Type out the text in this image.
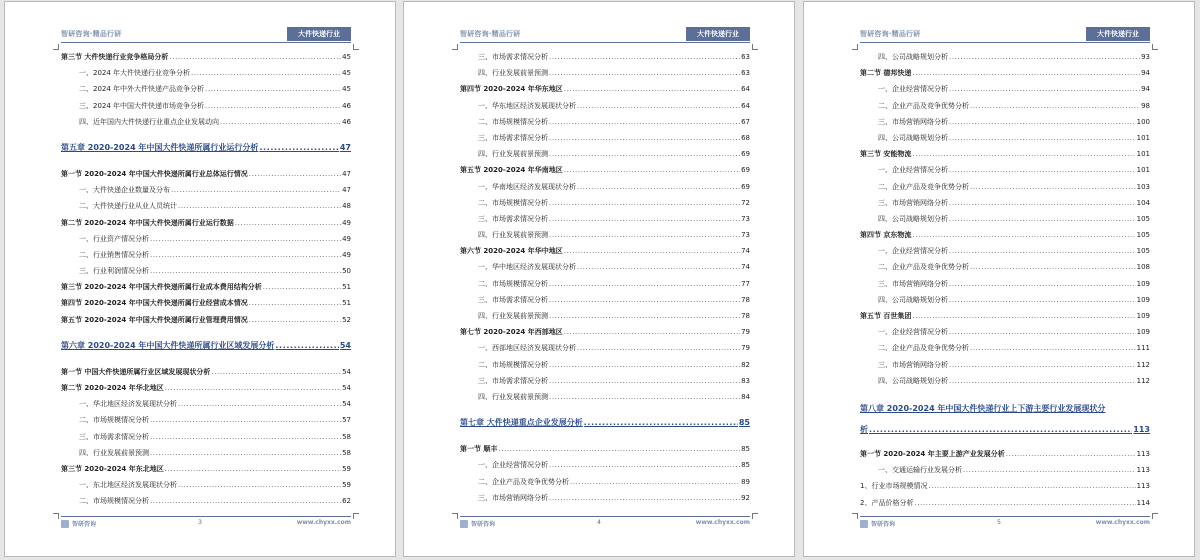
智研咨询·精品行研	大件快递行业
第三节 大件快递行业竞争格局分析 .....	45
一、2024 年大件快递行业竞争分析 .....	45
二、2024 年中外大件快递产品竞争分析 .....	45
三、2024 年中国大件快递市场竞争分析 .....	46
四、近年国内大件快递行业重点企业发展动向 .....	46
第五章 2020-2024 年中国大件快递所属行业运行分析 .....	47
第一节 2020-2024 年中国大件快递所属行业总体运行情况 .....	47
一、大件快递企业数量及分布 .....	47
二、大件快递行业从业人员统计 .....	48
第二节 2020-2024 年中国大件快递所属行业运行数据 .....	49
一、行业资产情况分析 .....	49
二、行业销售情况分析 .....	49
三、行业利润情况分析 .....	50
第三节 2020-2024 年中国大件快递所属行业成本费用结构分析 .....	51
第四节 2020-2024 年中国大件快递所属行业经营成本情况 .....	51
第五节 2020-2024 年中国大件快递所属行业管理费用情况 .....	52
第六章 2020-2024 年中国大件快递所属行业区域发展分析 .....	54
第一节 中国大件快递所属行业区域发展现状分析 .....	54
第二节 2020-2024 年华北地区 .....	54
一、华北地区经济发展现状分析 .....	54
二、市场规模情况分析 .....	57
三、市场需求情况分析 .....	58
四、行业发展前景预测 .....	58
第三节 2020-2024 年东北地区 .....	59
一、东北地区经济发展现状分析 .....	59
二、市场规模情况分析 .....	62
智研咨询	3	www.chyxx.com
智研咨询·精品行研	大件快递行业
三、市场需求情况分析 .....	63
四、行业发展前景预测 .....	63
第四节 2020-2024 年华东地区 .....	64
一、华东地区经济发展现状分析 .....	64
二、市场规模情况分析 .....	67
三、市场需求情况分析 .....	68
四、行业发展前景预测 .....	69
第五节 2020-2024 年华南地区 .....	69
一、华南地区经济发展现状分析 .....	69
二、市场规模情况分析 .....	72
三、市场需求情况分析 .....	73
四、行业发展前景预测 .....	73
第六节 2020-2024 年华中地区 .....	74
一、华中地区经济发展现状分析 .....	74
二、市场规模情况分析 .....	77
三、市场需求情况分析 .....	78
四、行业发展前景预测 .....	78
第七节 2020-2024 年西部地区 .....	79
一、西部地区经济发展现状分析 .....	79
二、市场规模情况分析 .....	82
三、市场需求情况分析 .....	83
四、行业发展前景预测 .....	84
第七章 大件快递重点企业发展分析 .....	85
第一节 顺丰 .....	85
一、企业经营情况分析 .....	85
二、企业产品及竞争优势分析 .....	89
三、市场营销网络分析 .....	92
智研咨询	4	www.chyxx.com
智研咨询·精品行研	大件快递行业
四、公司战略规划分析 .....	93
第二节 德邦快递 .....	94
一、企业经营情况分析 .....	94
二、企业产品及竞争优势分析 .....	98
三、市场营销网络分析 .....	100
四、公司战略规划分析 .....	101
第三节 安能物流 .....	101
一、企业经营情况分析 .....	101
二、企业产品及竞争优势分析 .....	103
三、市场营销网络分析 .....	104
四、公司战略规划分析 .....	105
第四节 京东物流 .....	105
一、企业经营情况分析 .....	105
二、企业产品及竞争优势分析 .....	108
三、市场营销网络分析 .....	109
四、公司战略规划分析 .....	109
第五节 百世集团 .....	109
一、企业经营情况分析 .....	109
二、企业产品及竞争优势分析 .....	111
三、市场营销网络分析 .....	112
四、公司战略规划分析 .....	112
第八章 2020-2024 年中国大件快递行业上下游主要行业发展现状分
析 .....	113
第一节 2020-2024 年主要上游产业发展分析 .....	113
一、交通运输行业发展分析 .....	113
1、行业市场规模情况 .....	113
2、产品价格分析 .....	114
智研咨询	5	www.chyxx.com
